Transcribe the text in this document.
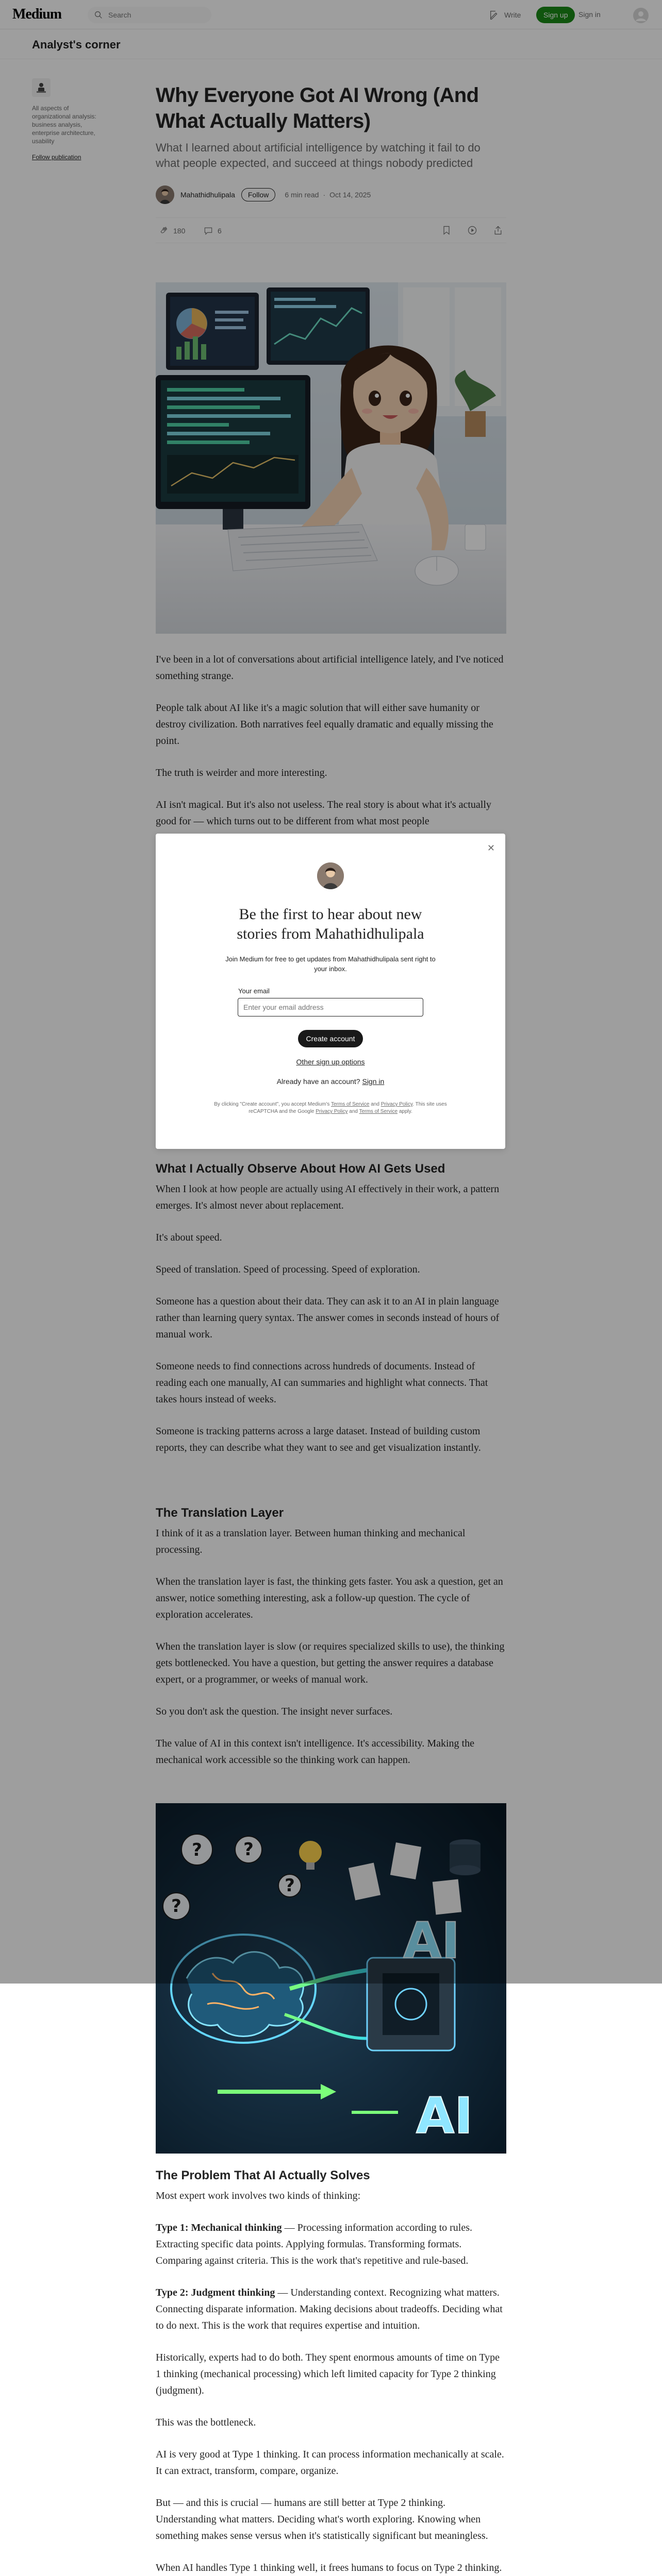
Medium
Search	Write	Sign up	Sign in
Analyst's corner
All aspects of organizational analysis: business analysis, enterprise architecture, usability
Follow publication
Why Everyone Got AI Wrong (And What Actually Matters)
What I learned about artificial intelligence by watching it fail to do what people expected, and succeed at things nobody predicted
Mahathidhulipala	Follow	6 min read · Oct 14, 2025
180	6

I've been in a lot of conversations about artificial intelligence lately, and I've noticed something strange.

People talk about AI like it's a magic solution that will either save humanity or destroy civilization. Both narratives feel equally dramatic and equally missing the point.

The truth is weirder and more interesting.

AI isn't magical. But it's also not useless. The real story is about what it's actually good for — which turns out to be different from what most people

What I Actually Observe About How AI Gets Used

When I look at how people are actually using AI effectively in their work, a pattern emerges. It's almost never about replacement.

It's about speed.

Speed of translation. Speed of processing. Speed of exploration.

Someone has a question about their data. They can ask it to an AI in plain language rather than learning query syntax. The answer comes in seconds instead of hours of manual work.

Someone needs to find connections across hundreds of documents. Instead of reading each one manually, AI can summaries and highlight what connects. That takes hours instead of weeks.

Someone is tracking patterns across a large dataset. Instead of building custom reports, they can describe what they want to see and get visualization instantly.

The Translation Layer

I think of it as a translation layer. Between human thinking and mechanical processing.

When the translation layer is fast, the thinking gets faster. You ask a question, get an answer, notice something interesting, ask a follow-up question. The cycle of exploration accelerates.

When the translation layer is slow (or requires specialized skills to use), the thinking gets bottlenecked. You have a question, but getting the answer requires a database expert, or a programmer, or weeks of manual work.

So you don't ask the question. The insight never surfaces.

The value of AI in this context isn't intelligence. It's accessibility. Making the mechanical work accessible so the thinking work can happen.

? ?
?
?
AI
AI
The Problem That AI Actually Solves

Most expert work involves two kinds of thinking:

Type 1: Mechanical thinking — Processing information according to rules. Extracting specific data points. Applying formulas. Transforming formats. Comparing against criteria. This is the work that's repetitive and rule-based.

Type 2: Judgment thinking — Understanding context. Recognizing what matters. Connecting disparate information. Making decisions about tradeoffs. Deciding what to do next. This is the work that requires expertise and intuition.

Historically, experts had to do both. They spent enormous amounts of time on Type 1 thinking (mechanical processing) which left limited capacity for Type 2 thinking (judgment).

This was the bottleneck.

AI is very good at Type 1 thinking. It can process information mechanically at scale. It can extract, transform, compare, organize.

But — and this is crucial — humans are still better at Type 2 thinking. Understanding what matters. Deciding what's worth exploring. Knowing when something makes sense versus when it's statistically significant but meaningless.

When AI handles Type 1 thinking well, it frees humans to focus on Type 2 thinking.

✕
Be the first to hear about new stories from Mahathidhulipala
Join Medium for free to get updates from Mahathidhulipala sent right to your inbox.
Your email
Enter your email address
Create account
Other sign up options
Already have an account? Sign in
By clicking "Create account", you accept Medium's Terms of Service and Privacy Policy. This site uses reCAPTCHA and the Google Privacy Policy and Terms of Service apply.
